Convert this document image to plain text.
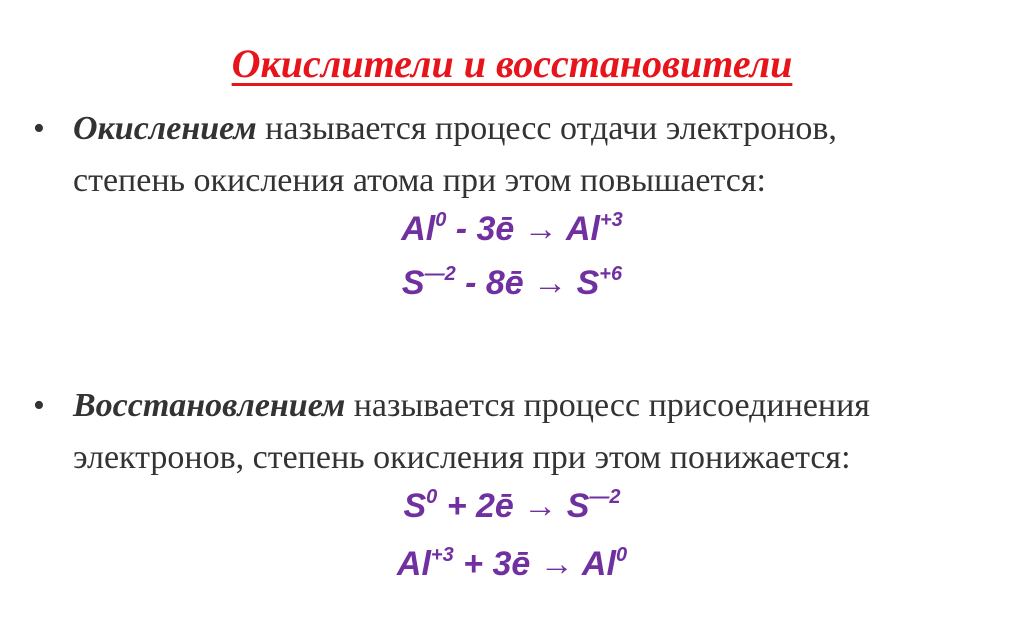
Окислители и восстановители
• Окислением называется процесс отдачи электронов,
степень окисления атома при этом повышается:
Al$^0$ - 3ē → $Al^{+3}$
$S^{—2}$ - 8ē → $S^{+6}$
• Восстановлением называется процесс присоединения
электронов, степень окисления при этом понижается:
$S^0$ + 2ē → $S^{—2}$
$Al^{+3}$ + 3ē → $Al^0$
